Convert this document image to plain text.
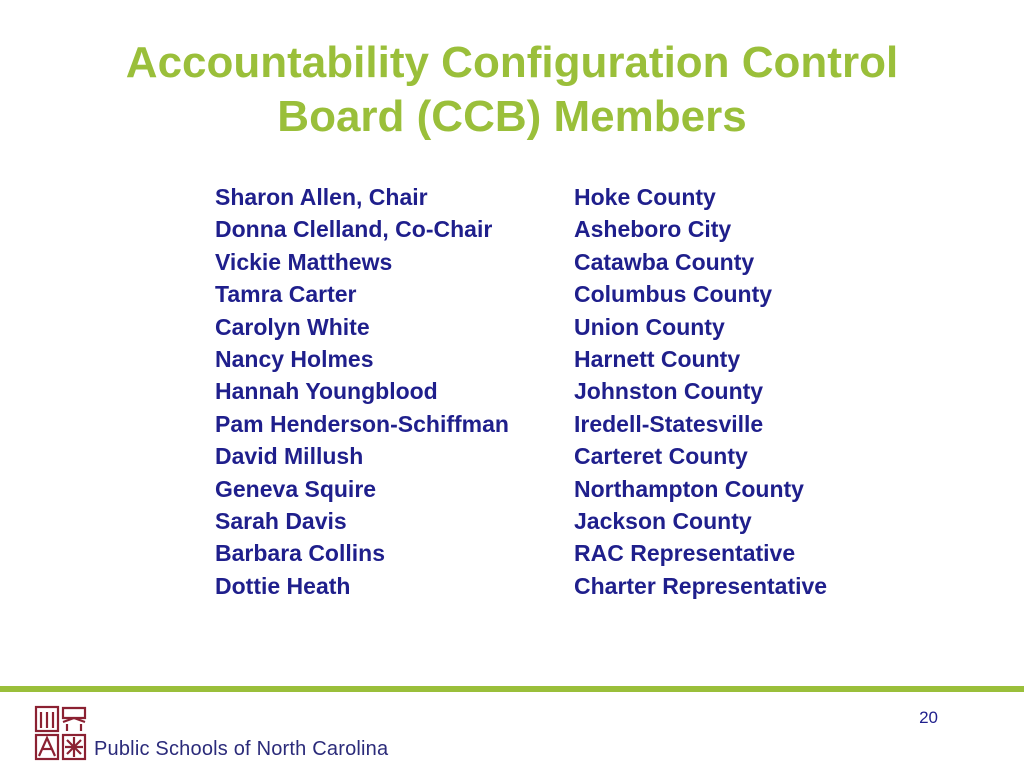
Accountability Configuration Control
Board (CCB) Members
Sharon Allen, Chair	Hoke County
Donna Clelland, Co-Chair	Asheboro City
Vickie Matthews	Catawba County
Tamra Carter	Columbus County
Carolyn White	Union County
Nancy Holmes	Harnett County
Hannah Youngblood	Johnston County
Pam Henderson-Schiffman	Iredell-Statesville
David Millush	Carteret County
Geneva Squire	Northampton County
Sarah Davis	Jackson County
Barbara Collins	RAC Representative
Dottie Heath	Charter Representative
20
Public Schools of North Carolina
